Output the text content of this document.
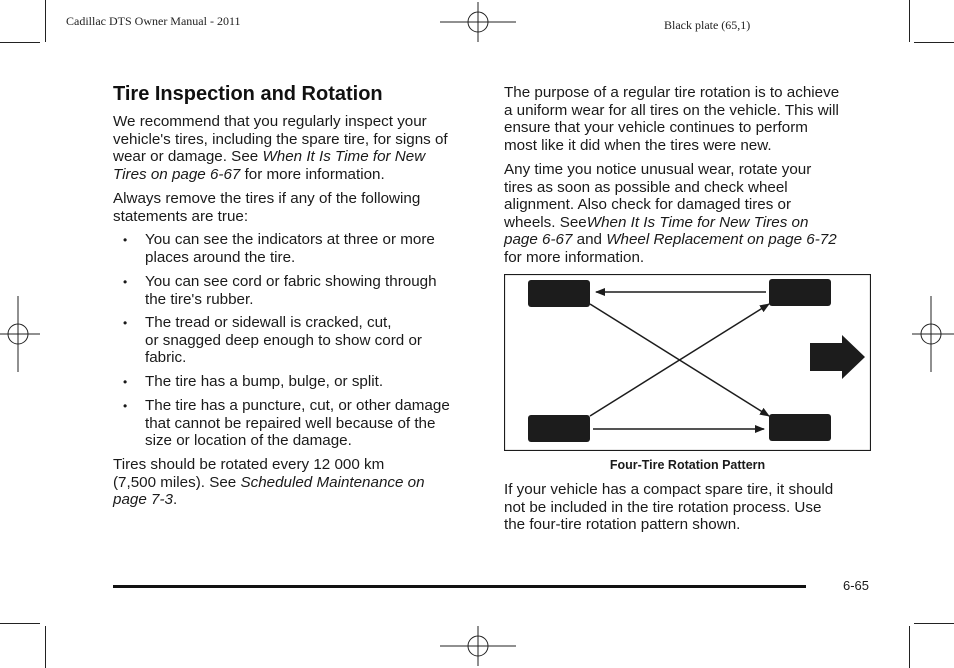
Cadillac DTS Owner Manual - 2011	Black plate (65,1)
Tire Inspection and Rotation
We recommend that you regularly inspect your
vehicle's tires, including the spare tire, for signs of
wear or damage. See When It Is Time for New
Tires on page 6-67 for more information.
Always remove the tires if any of the following
statements are true:
• You can see the indicators at three or more
places around the tire.
• You can see cord or fabric showing through
the tire's rubber.
• The tread or sidewall is cracked, cut,
or snagged deep enough to show cord or
fabric.
• The tire has a bump, bulge, or split.
• The tire has a puncture, cut, or other damage
that cannot be repaired well because of the
size or location of the damage.
Tires should be rotated every 12 000 km
(7,500 miles). See Scheduled Maintenance on
page 7-3.
The purpose of a regular tire rotation is to achieve
a uniform wear for all tires on the vehicle. This will
ensure that your vehicle continues to perform
most like it did when the tires were new.
Any time you notice unusual wear, rotate your
tires as soon as possible and check wheel
alignment. Also check for damaged tires or
wheels. SeeWhen It Is Time for New Tires on
page 6-67 and Wheel Replacement on page 6-72
for more information.
Four-Tire Rotation Pattern
If your vehicle has a compact spare tire, it should
not be included in the tire rotation process. Use
the four-tire rotation pattern shown.
6-65
